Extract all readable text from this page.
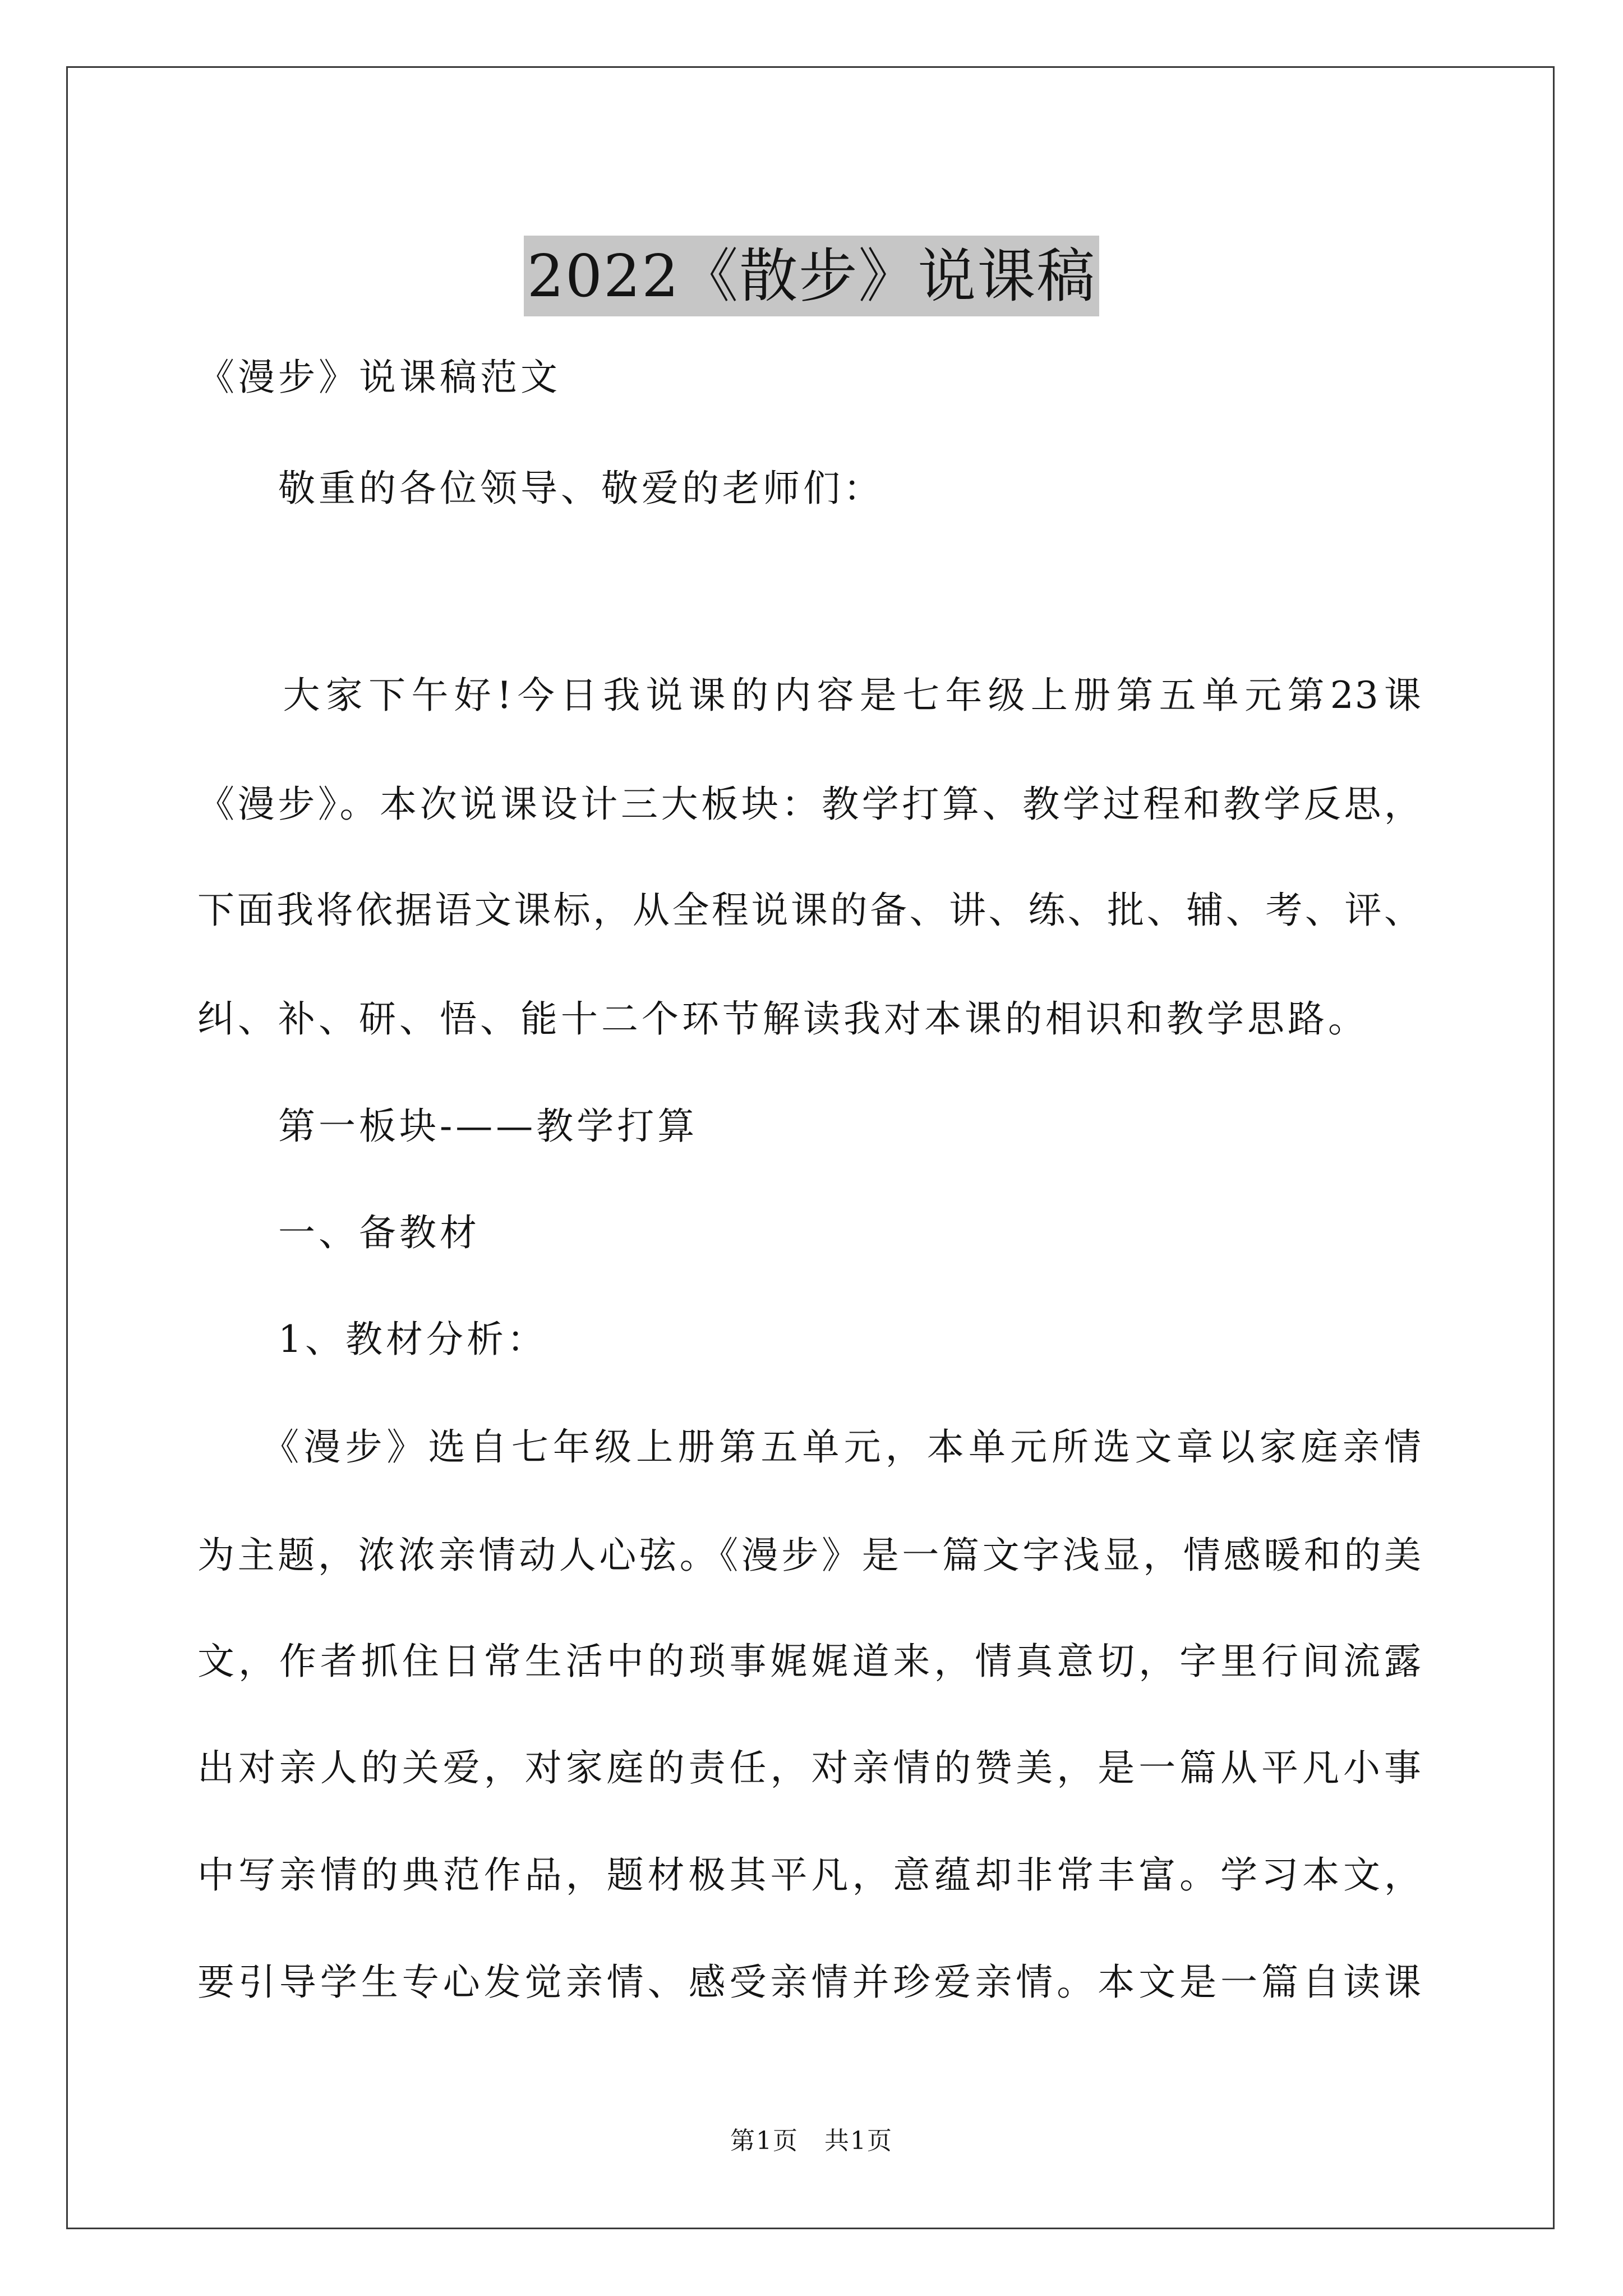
2022《散步》说课稿
《漫步》说课稿范文
　　敬重的各位领导、敬爱的老师们：
　　大家下午好!今日我说课的内容是七年级上册第五单元第23课
《漫步》。本次说课设计三大板块：教学打算、教学过程和教学反思，
下面我将依据语文课标，从全程说课的备、讲、练、批、辅、考、评、
纠、补、研、悟、能十二个环节解读我对本课的相识和教学思路。
　　第一板块-——教学打算
　　一、备教材
　　1、教材分析：
　　《漫步》选自七年级上册第五单元，本单元所选文章以家庭亲情
为主题，浓浓亲情动人心弦。《漫步》是一篇文字浅显，情感暖和的美
文，作者抓住日常生活中的琐事娓娓道来，情真意切，字里行间流露
出对亲人的关爱，对家庭的责任，对亲情的赞美，是一篇从平凡小事
中写亲情的典范作品，题材极其平凡，意蕴却非常丰富。学习本文，
要引导学生专心发觉亲情、感受亲情并珍爱亲情。本文是一篇自读课
第1页　共1页
